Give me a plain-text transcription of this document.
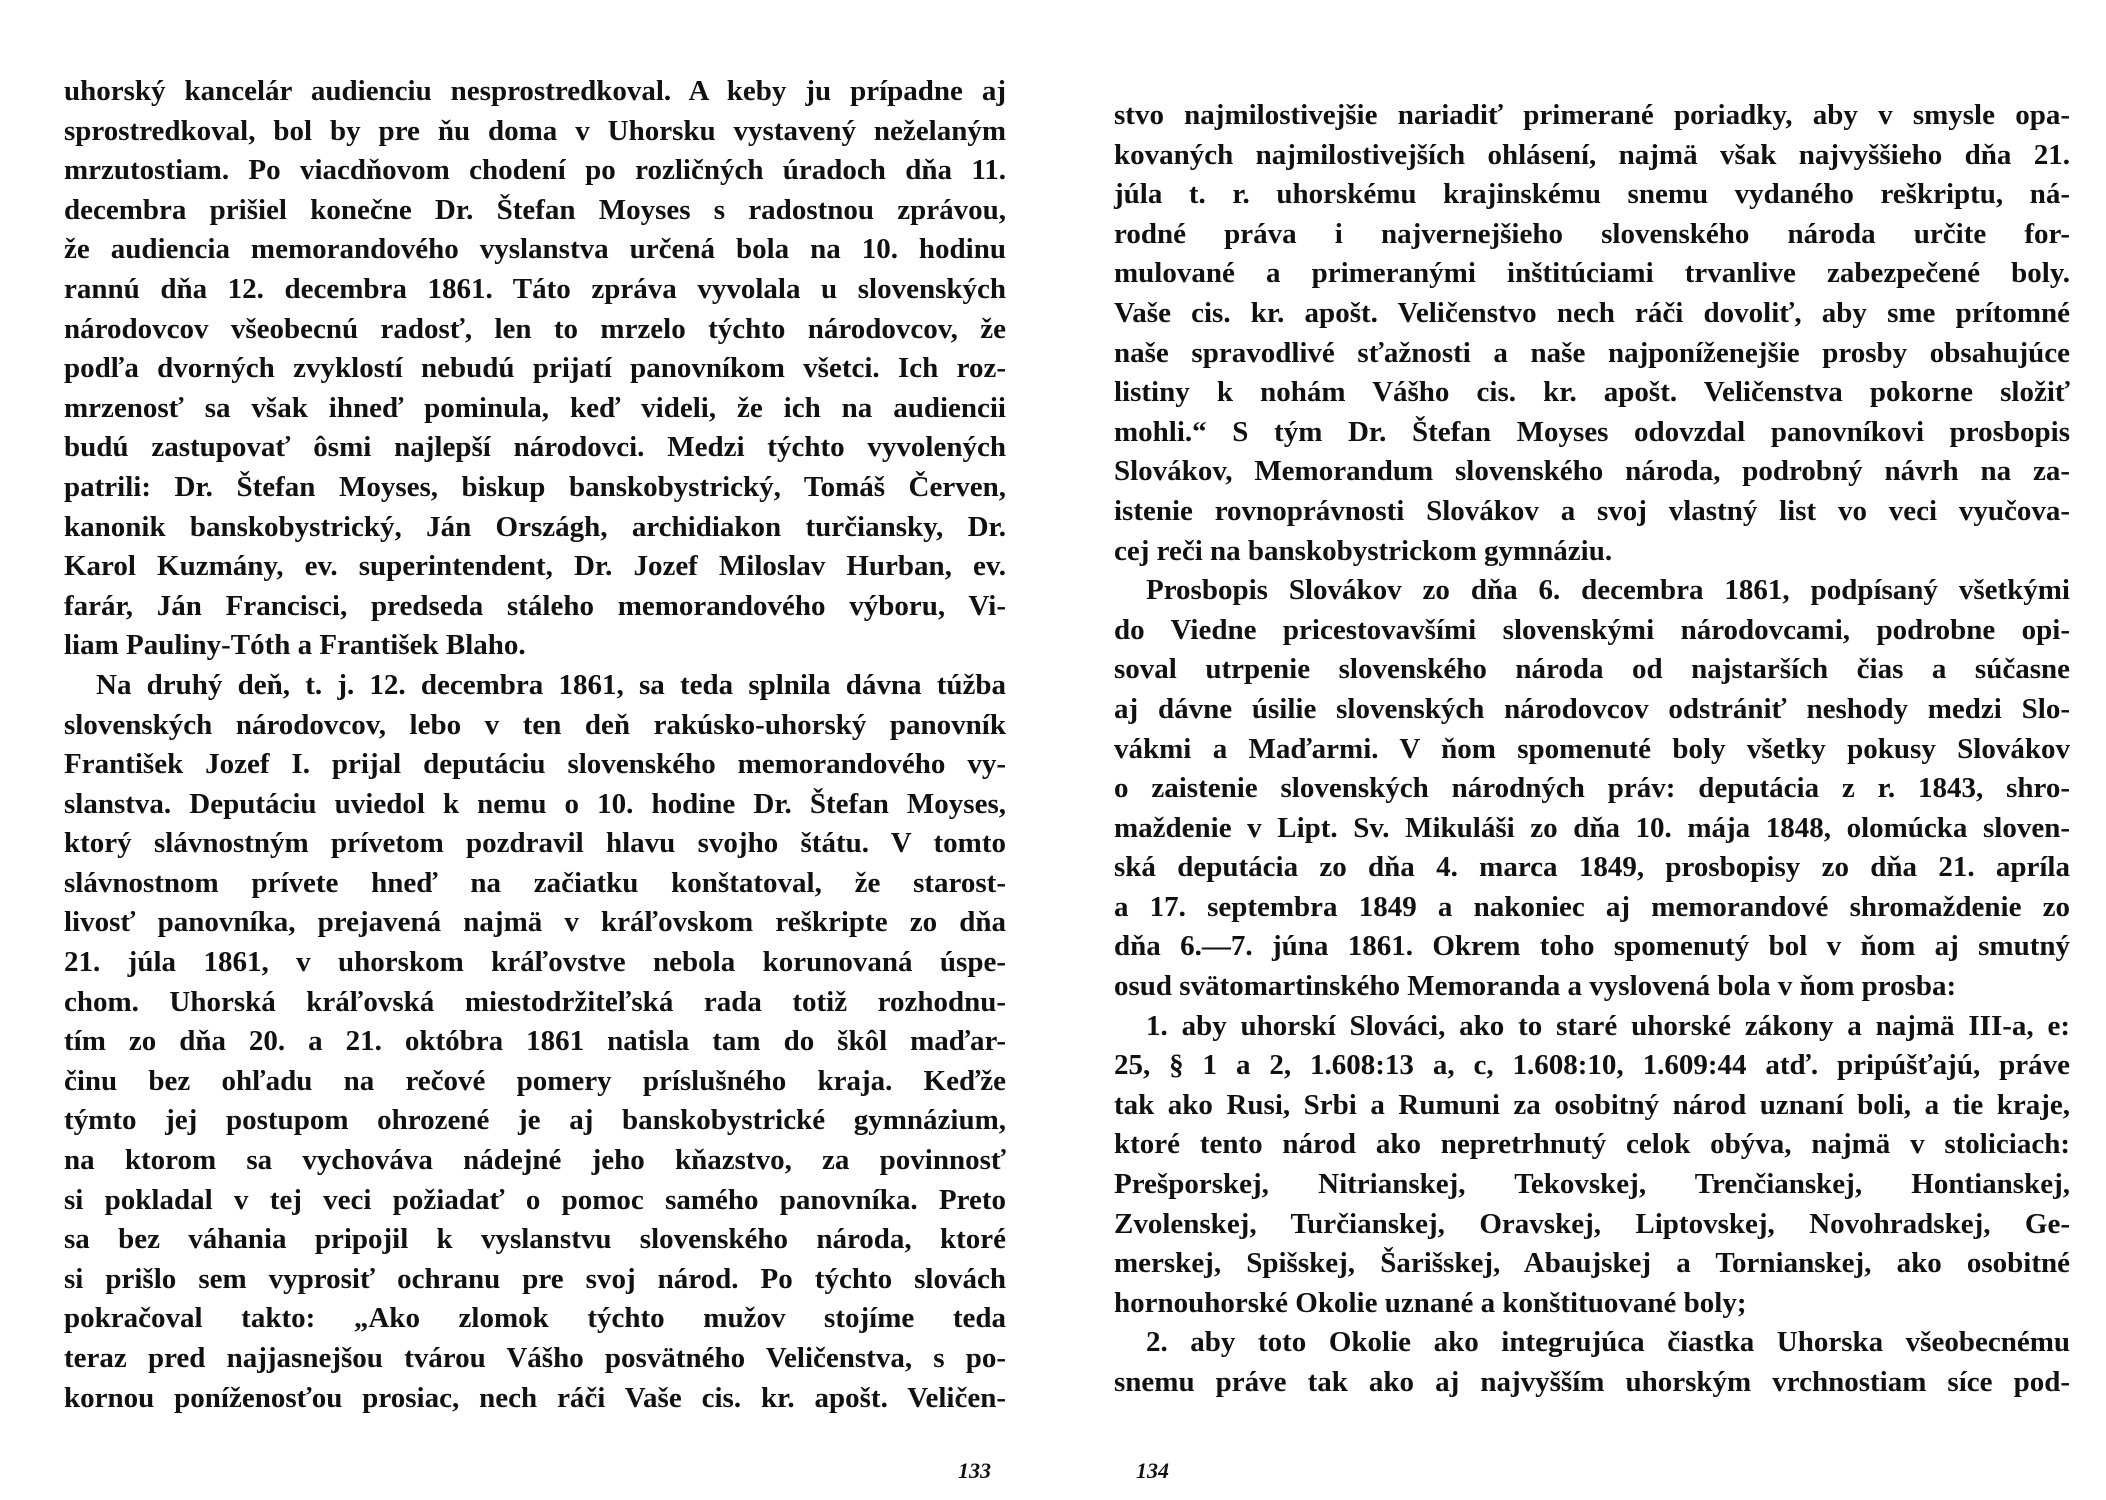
uhorský kancelár audienciu nesprostredkoval. A keby ju prípadne aj
sprostredkoval, bol by pre ňu doma v Uhorsku vystavený neželaným
mrzutostiam. Po viacdňovom chodení po rozličných úradoch dňa 11.
decembra prišiel konečne Dr. Štefan Moyses s radostnou zprávou,
že audiencia memorandového vyslanstva určená bola na 10. hodinu
rannú dňa 12. decembra 1861. Táto zpráva vyvolala u slovenských
národovcov všeobecnú radosť, len to mrzelo týchto národovcov, že
podľa dvorných zvyklostí nebudú prijatí panovníkom všetci. Ich roz-
mrzenosť sa však ihneď pominula, keď videli, že ich na audiencii
budú zastupovať ôsmi najlepší národovci. Medzi týchto vyvolených
patrili: Dr. Štefan Moyses, biskup banskobystrický, Tomáš Červen,
kanonik banskobystrický, Ján Országh, archidiakon turčiansky, Dr.
Karol Kuzmány, ev. superintendent, Dr. Jozef Miloslav Hurban, ev.
farár, Ján Francisci, predseda stáleho memorandového výboru, Vi-
liam Pauliny-Tóth a František Blaho.
Na druhý deň, t. j. 12. decembra 1861, sa teda splnila dávna túžba
slovenských národovcov, lebo v ten deň rakúsko-uhorský panovník
František Jozef I. prijal deputáciu slovenského memorandového vy-
slanstva. Deputáciu uviedol k nemu o 10. hodine Dr. Štefan Moyses,
ktorý slávnostným prívetom pozdravil hlavu svojho štátu. V tomto
slávnostnom prívete hneď na začiatku konštatoval, že starost-
livosť panovníka, prejavená najmä v kráľovskom reškripte zo dňa
21. júla 1861, v uhorskom kráľovstve nebola korunovaná úspe-
chom. Uhorská kráľovská miestodržiteľská rada totiž rozhodnu-
tím zo dňa 20. a 21. októbra 1861 natisla tam do škôl maďar-
činu bez ohľadu na rečové pomery príslušného kraja. Keďže
týmto jej postupom ohrozené je aj banskobystrické gymnázium,
na ktorom sa vychováva nádejné jeho kňazstvo, za povinnosť
si pokladal v tej veci požiadať o pomoc samého panovníka. Preto
sa bez váhania pripojil k vyslanstvu slovenského národa, ktoré
si prišlo sem vyprosiť ochranu pre svoj národ. Po týchto slovách
pokračoval takto: „Ako zlomok týchto mužov stojíme teda
teraz pred najjasnejšou tvárou Vášho posvätného Veličenstva, s po-
kornou poníženosťou prosiac, nech ráči Vaše cis. kr. apošt. Veličen-
stvo najmilostivejšie nariadiť primerané poriadky, aby v smysle opa-
kovaných najmilostivejších ohlásení, najmä však najvyššieho dňa 21.
júla t. r. uhorskému krajinskému snemu vydaného reškriptu, ná-
rodné práva i najvernejšieho slovenského národa určite for-
mulované a primeranými inštitúciami trvanlive zabezpečené boly.
Vaše cis. kr. apošt. Veličenstvo nech ráči dovoliť, aby sme prítomné
naše spravodlivé sťažnosti a naše najponíženejšie prosby obsahujúce
listiny k nohám Vášho cis. kr. apošt. Veličenstva pokorne složiť
mohli.“ S tým Dr. Štefan Moyses odovzdal panovníkovi prosbopis
Slovákov, Memorandum slovenského národa, podrobný návrh na za-
istenie rovnoprávnosti Slovákov a svoj vlastný list vo veci vyučova-
cej reči na banskobystrickom gymnáziu.
Prosbopis Slovákov zo dňa 6. decembra 1861, podpísaný všetkými
do Viedne pricestovavšími slovenskými národovcami, podrobne opi-
soval utrpenie slovenského národa od najstarších čias a súčasne
aj dávne úsilie slovenských národovcov odstrániť neshody medzi Slo-
vákmi a Maďarmi. V ňom spomenuté boly všetky pokusy Slovákov
o zaistenie slovenských národných práv: deputácia z r. 1843, shro-
maždenie v Lipt. Sv. Mikuláši zo dňa 10. mája 1848, olomúcka sloven-
ská deputácia zo dňa 4. marca 1849, prosbopisy zo dňa 21. apríla
a 17. septembra 1849 a nakoniec aj memorandové shromaždenie zo
dňa 6.—7. júna 1861. Okrem toho spomenutý bol v ňom aj smutný
osud svätomartinského Memoranda a vyslovená bola v ňom prosba:
1. aby uhorskí Slováci, ako to staré uhorské zákony a najmä III-a, e:
25, § 1 a 2, 1.608:13 a, c, 1.608:10, 1.609:44 atď. pripúšťajú, práve
tak ako Rusi, Srbi a Rumuni za osobitný národ uznaní boli, a tie kraje,
ktoré tento národ ako nepretrhnutý celok obýva, najmä v stoliciach:
Prešporskej, Nitrianskej, Tekovskej, Trenčianskej, Hontianskej,
Zvolenskej, Turčianskej, Oravskej, Liptovskej, Novohradskej, Ge-
merskej, Spišskej, Šarišskej, Abaujskej a Tornianskej, ako osobitné
hornouhorské Okolie uznané a konštituované boly;
2. aby toto Okolie ako integrujúca čiastka Uhorska všeobecnému
snemu práve tak ako aj najvyšším uhorským vrchnostiam síce pod-
133	134
